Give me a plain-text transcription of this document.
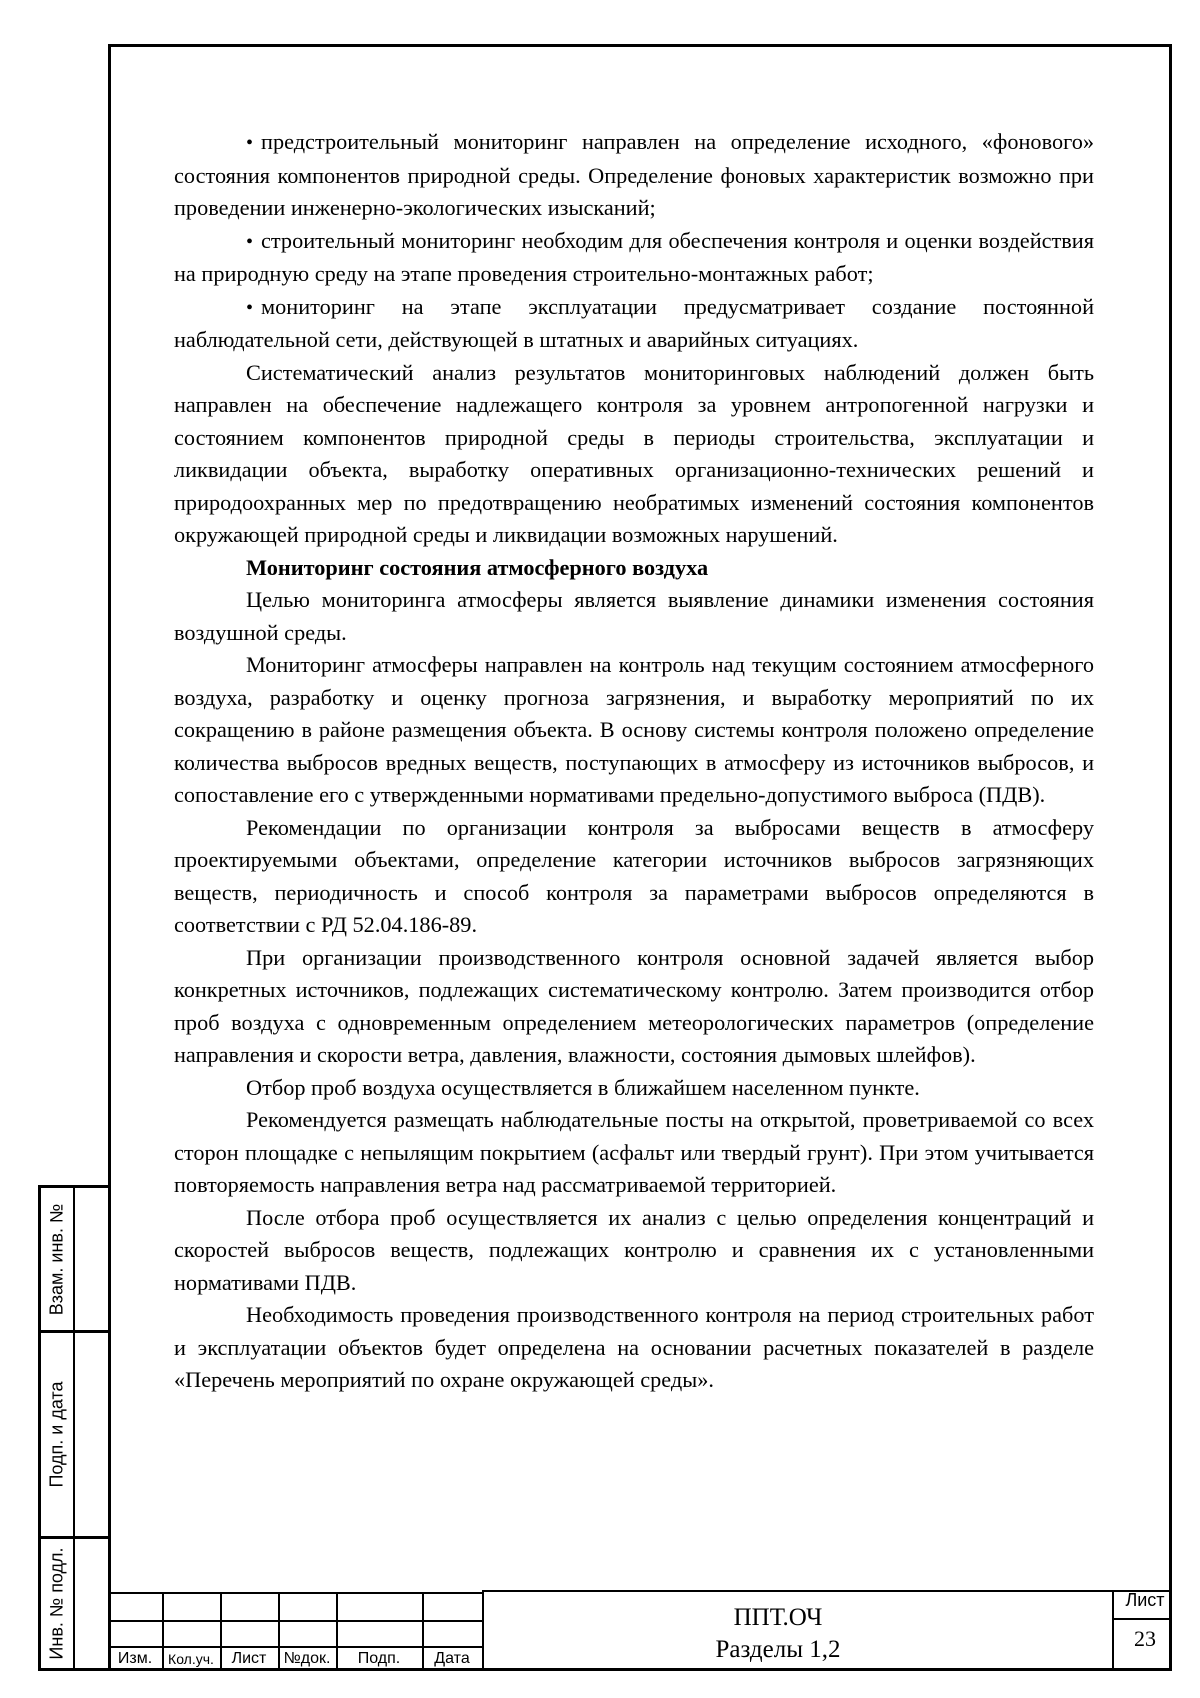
• предстроительный мониторинг направлен на определение исходного, «фонового» состояния компонентов природной среды. Определение фоновых характеристик возможно при проведении инженерно-экологических изысканий;

• строительный мониторинг необходим для обеспечения контроля и оценки воздействия на природную среду на этапе проведения строительно-монтажных работ;

• мониторинг на этапе эксплуатации предусматривает создание постоянной наблюдательной сети, действующей в штатных и аварийных ситуациях.

Систематический анализ результатов мониторинговых наблюдений должен быть направлен на обеспечение надлежащего контроля за уровнем антропогенной нагрузки и состоянием компонентов природной среды в периоды строительства, эксплуатации и ликвидации объекта, выработку оперативных организационно-технических решений и природоохранных мер по предотвращению необратимых изменений состояния компонентов окружающей природной среды и ликвидации возможных нарушений.

Мониторинг состояния атмосферного воздуха

Целью мониторинга атмосферы является выявление динамики изменения состояния воздушной среды.

Мониторинг атмосферы направлен на контроль над текущим состоянием атмосферного воздуха, разработку и оценку прогноза загрязнения, и выработку мероприятий по их сокращению в районе размещения объекта. В основу системы контроля положено определение количества выбросов вредных веществ, поступающих в атмосферу из источников выбросов, и сопоставление его с утвержденными нормативами предельно-допустимого выброса (ПДВ).

Рекомендации по организации контроля за выбросами веществ в атмосферу проектируемыми объектами, определение категории источников выбросов загрязняющих веществ, периодичность и способ контроля за параметрами выбросов определяются в соответствии с РД 52.04.186-89.

При организации производственного контроля основной задачей является выбор конкретных источников, подлежащих систематическому контролю. Затем производится отбор проб воздуха с одновременным определением метеорологических параметров (определение направления и скорости ветра, давления, влажности, состояния дымовых шлейфов).

Отбор проб воздуха осуществляется в ближайшем населенном пункте.

Рекомендуется размещать наблюдательные посты на открытой, проветриваемой со всех сторон площадке с непылящим покрытием (асфальт или твердый грунт). При этом учитывается повторяемость направления ветра над рассматриваемой территорией.

После отбора проб осуществляется их анализ с целью определения концентраций и скоростей выбросов веществ, подлежащих контролю и сравнения их с установленными нормативами ПДВ.

Необходимость проведения производственного контроля на период строительных работ и эксплуатации объектов будет определена на основании расчетных показателей в разделе «Перечень мероприятий по охране окружающей среды».

Взам. инв. №
Подп. и дата
Инв. № подл.	Изм.	Кол.уч.	Лист	№док.	Подп.	Дата
ППТ.ОЧ
Разделы 1,2
Лист
23
